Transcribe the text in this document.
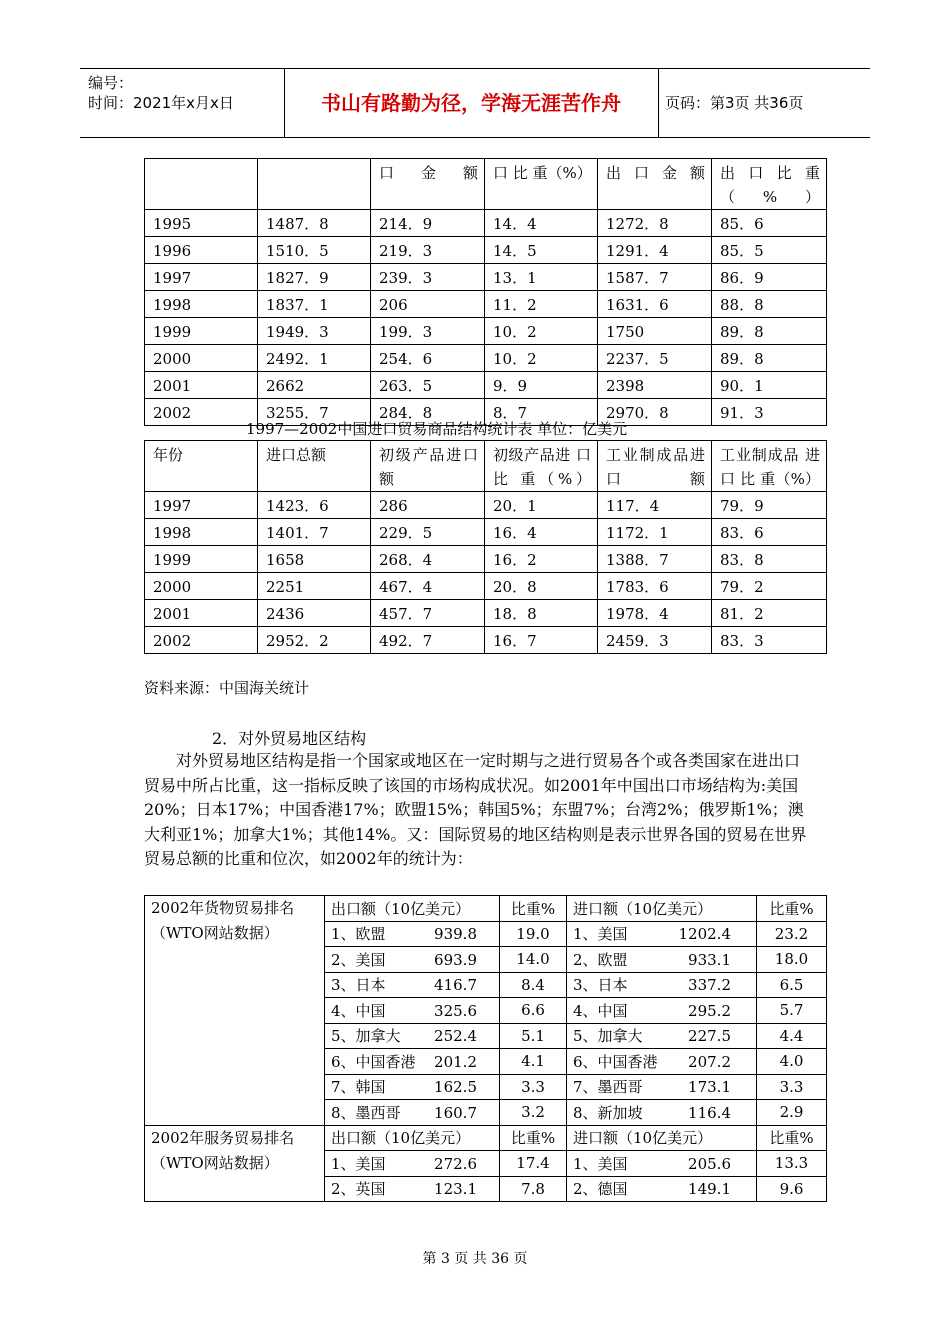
编号：
时间：2021年x月x日	书山有路勤为径，学海无涯苦作舟	页码：第3页 共36页
		口金额	口 比 重（%）	出口金额	出 口 比 重（%）
1995	1487．8	214．9	14．4	1272．8	85．6
1996	1510．5	219．3	14．5	1291．4	85．5
1997	1827．9	239．3	13．1	1587．7	86．9
1998	1837．1	206	11．2	1631．6	88．8
1999	1949．3	199．3	10．2	1750	89．8
2000	2492．1	254．6	10．2	2237．5	89．8
2001	2662	263．5	9．9	2398	90．1
2002	3255．7	284．8	8．7	2970．8	91．3
1997—2002中国进口贸易商品结构统计表 单位：亿美元
年份	进口总额	初级产品进口额	初级产品进 口 比 重（%）	工业制成品进口额	工业制成品 进 口 比 重（%）
1997	1423．6	286	20．1	117．4	79．9
1998	1401．7	229．5	16．4	1172．1	83．6
1999	1658	268．4	16．2	1388．7	83．8
2000	2251	467．4	20．8	1783．6	79．2
2001	2436	457．7	18．8	1978．4	81．2
2002	2952．2	492．7	16．7	2459．3	83．3
资料来源：中国海关统计
2．对外贸易地区结构
对外贸易地区结构是指一个国家或地区在一定时期与之进行贸易各个或各类国家在进出口贸易中所占比重，这一指标反映了该国的市场构成状况。如2001年中国出口市场结构为:美国20%；日本17%；中国香港17%；欧盟15%；韩国5%；东盟7%；台湾2%；俄罗斯1%；澳大利亚1%；加拿大1%；其他14%。又：国际贸易的地区结构则是表示世界各国的贸易在世界贸易总额的比重和位次，如2002年的统计为：
2002年货物贸易排名
（WTO网站数据）	出口额（10亿美元）	比重%	进口额（10亿美元）	比重%
	1、欧盟 939.8	19.0	1、美国 1202.4	23.2
	2、美国 693.9	14.0	2、欧盟 933.1	18.0
	3、日本 416.7	8.4	3、日本 337.2	6.5
	4、中国 325.6	6.6	4、中国 295.2	5.7
	5、加拿大 252.4	5.1	5、加拿大 227.5	4.4
	6、中国香港 201.2	4.1	6、中国香港 207.2	4.0
	7、韩国 162.5	3.3	7、墨西哥 173.1	3.3
	8、墨西哥 160.7	3.2	8、新加坡 116.4	2.9

2002年服务贸易排名
（WTO网站数据）	出口额（10亿美元）	比重%	进口额（10亿美元）	比重%
	1、美国 272.6	17.4	1、美国 205.6	13.3
	2、英国 123.1	7.8	2、德国 149.1	9.6
第 3 页 共 36 页
